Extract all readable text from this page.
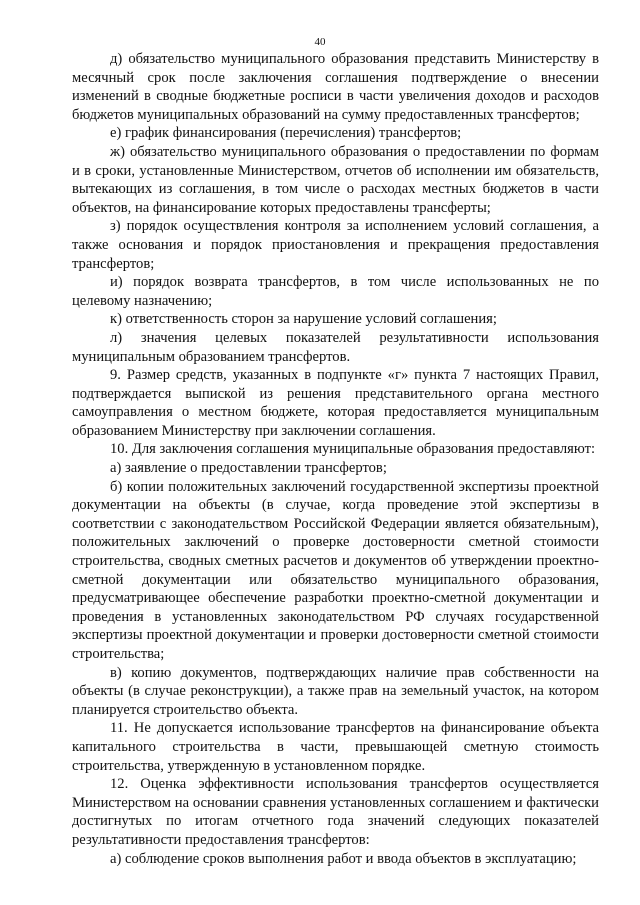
40

д) обязательство муниципального образования представить Министерству в месячный срок после заключения соглашения подтверждение о внесении изменений в сводные бюджетные росписи в части увеличения доходов и расходов бюджетов муниципальных образований на сумму предоставленных трансфертов;

е) график финансирования (перечисления) трансфертов;

ж) обязательство муниципального образования о предоставлении по формам и в сроки, установленные Министерством, отчетов об исполнении им обязательств, вытекающих из соглашения, в том числе о расходах местных бюджетов в части объектов, на финансирование которых предоставлены трансферты;

з) порядок осуществления контроля за исполнением условий соглашения, а также основания и порядок приостановления и прекращения предоставления трансфертов;

и) порядок возврата трансфертов, в том числе использованных не по целевому назначению;

к) ответственность сторон за нарушение условий соглашения;

л) значения целевых показателей результативности использования муниципальным образованием трансфертов.

9. Размер средств, указанных в подпункте «г» пункта 7 настоящих Правил, подтверждается выпиской из решения представительного органа местного самоуправления о местном бюджете, которая предоставляется муниципальным образованием Министерству при заключении соглашения.

10. Для заключения соглашения муниципальные образования предоставляют:

а) заявление о предоставлении трансфертов;

б) копии положительных заключений государственной экспертизы проектной документации на объекты (в случае, когда проведение этой экспертизы в соответствии с законодательством Российской Федерации является обязательным), положительных заключений о проверке достоверности сметной стоимости строительства, сводных сметных расчетов и документов об утверждении проектно-сметной документации или обязательство муниципального образования, предусматривающее обеспечение разработки проектно-сметной документации и проведения в установленных законодательством РФ случаях государственной экспертизы проектной документации и проверки достоверности сметной стоимости строительства;

в) копию документов, подтверждающих наличие прав собственности на объекты (в случае реконструкции), а также прав на земельный участок, на котором планируется строительство объекта.

11. Не допускается использование трансфертов на финансирование объекта капитального строительства в части, превышающей сметную стоимость строительства, утвержденную в установленном порядке.

12. Оценка эффективности использования трансфертов осуществляется Министерством на основании сравнения установленных соглашением и фактически достигнутых по итогам отчетного года значений следующих показателей результативности предоставления трансфертов:

а) соблюдение сроков выполнения работ и ввода объектов в эксплуатацию;
